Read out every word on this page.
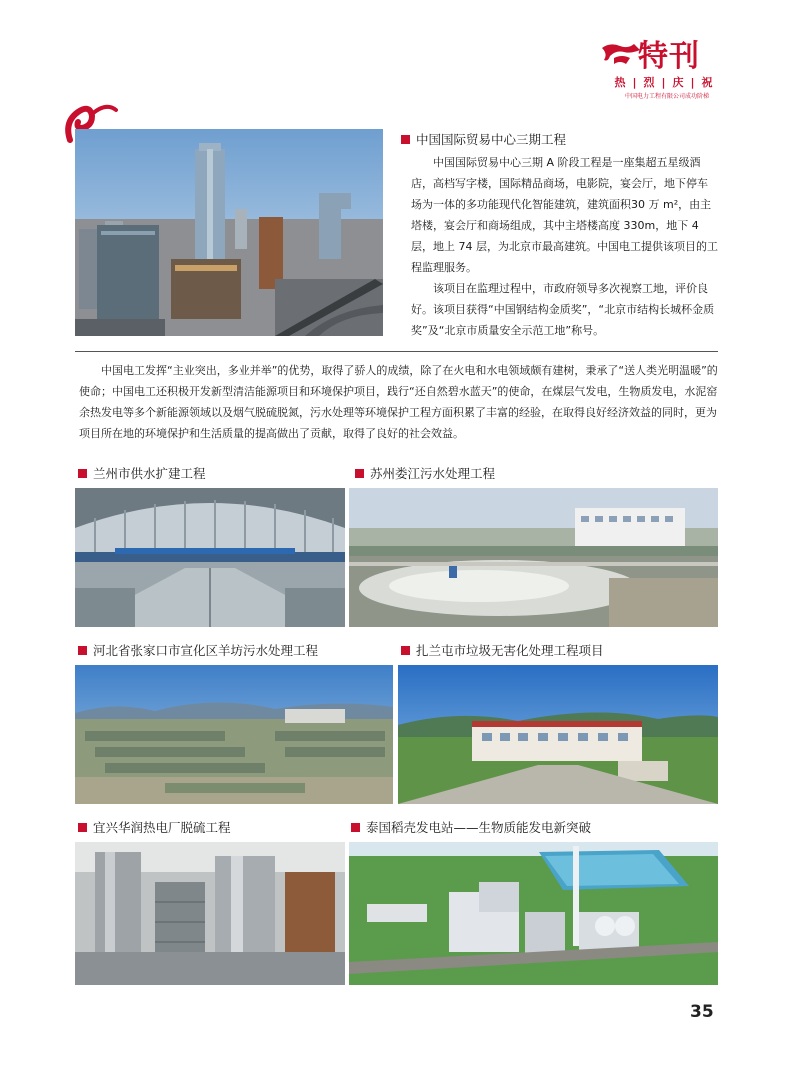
特刊
热|烈|庆|祝
中国电力工程有限公司成功阶梯
中国国际贸易中心三期工程
中国国际贸易中心三期 A 阶段工程是一座集超五星级酒店，高档写字楼，国际精品商场，电影院，宴会厅，地下停车场为一体的多功能现代化智能建筑，建筑面积30 万 m²，由主塔楼，宴会厅和商场组成，其中主塔楼高度 330m，地下 4 层，地上 74 层，为北京市最高建筑。中国电工提供该项目的工程监理服务。
该项目在监理过程中，市政府领导多次视察工地，评价良好。该项目获得“中国钢结构金质奖”，“北京市结构长城杯金质奖”及“北京市质量安全示范工地”称号。
中国电工发挥“主业突出，多业并举”的优势，取得了骄人的成绩，除了在火电和水电领域颇有建树，秉承了“送人类光明温暖”的使命；中国电工还积极开发新型清洁能源项目和环境保护项目，践行“还自然碧水蓝天”的使命，在煤层气发电，生物质发电，水泥窑余热发电等多个新能源领域以及烟气脱硫脱氮，污水处理等环境保护工程方面积累了丰富的经验，在取得良好经济效益的同时，更为项目所在地的环境保护和生活质量的提高做出了贡献，取得了良好的社会效益。
兰州市供水扩建工程	苏州娄江污水处理工程
河北省张家口市宣化区羊坊污水处理工程	扎兰屯市垃圾无害化处理工程项目
宜兴华润热电厂脱硫工程	泰国稻壳发电站——生物质能发电新突破
35
